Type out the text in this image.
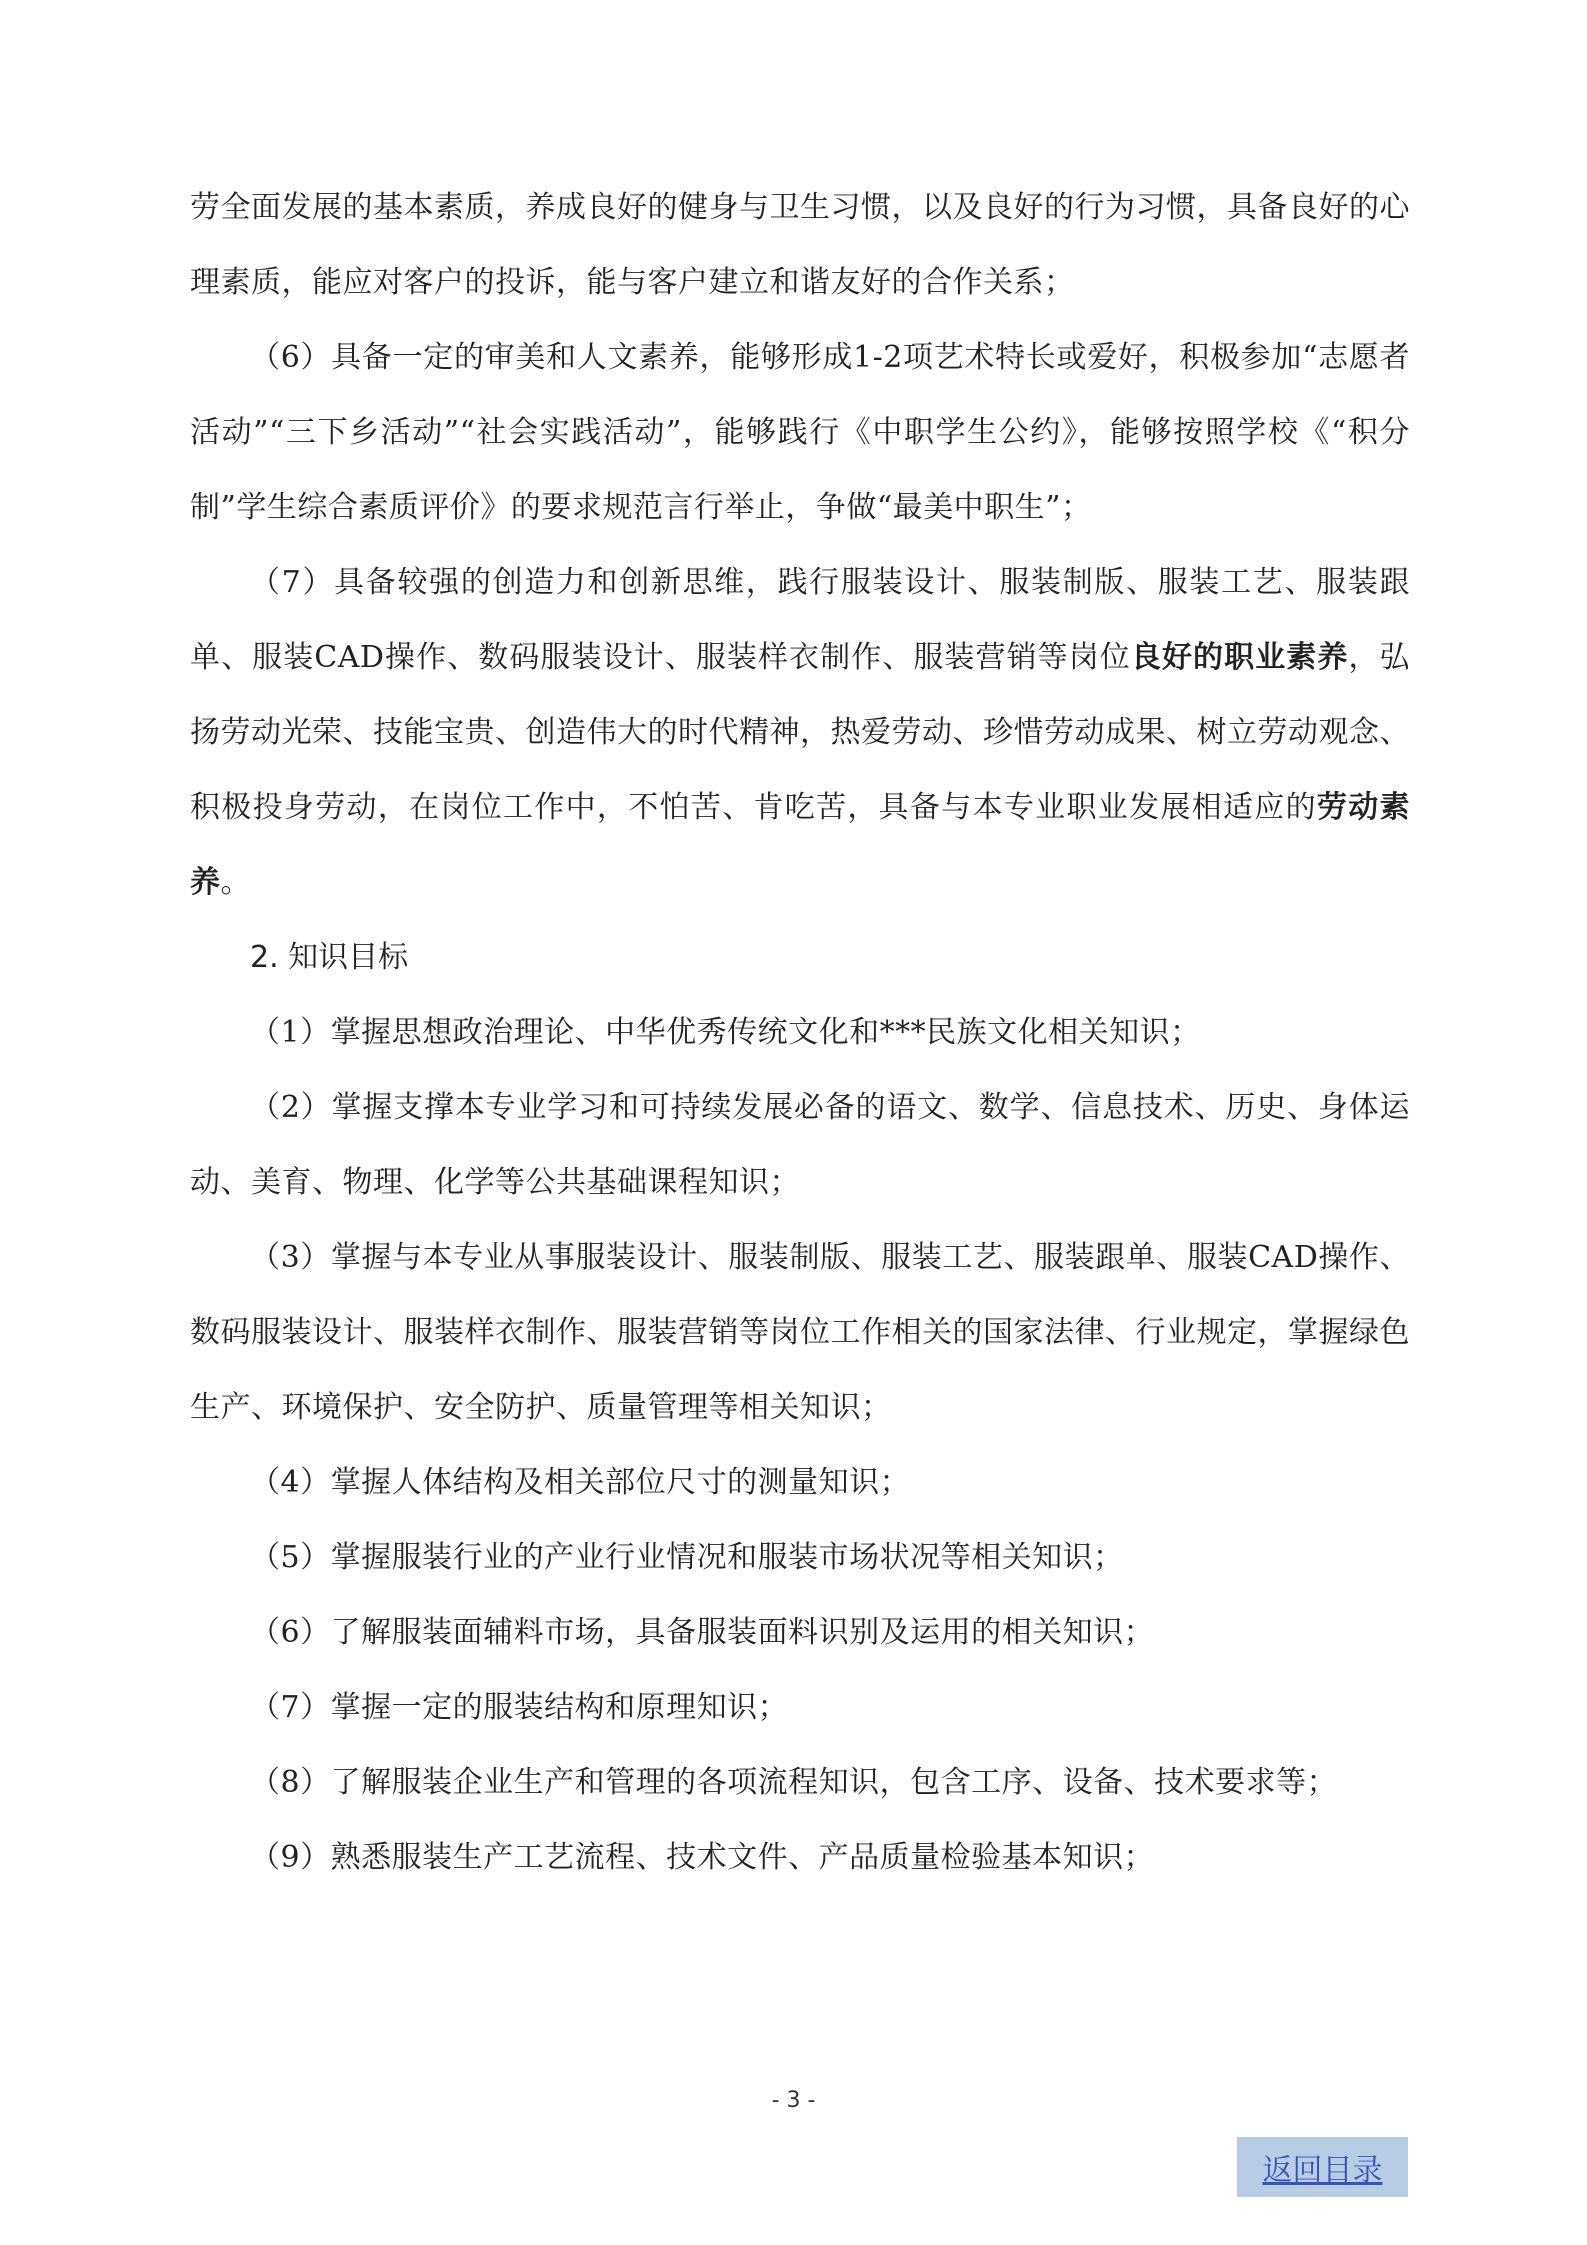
劳全面发展的基本素质，养成良好的健身与卫生习惯，以及良好的行为习惯，具备良好的心理素质，能应对客户的投诉，能与客户建立和谐友好的合作关系；

（6）具备一定的审美和人文素养，能够形成1-2项艺术特长或爱好，积极参加“志愿者活动”“三下乡活动”“社会实践活动”，能够践行《中职学生公约》，能够按照学校《“积分制”学生综合素质评价》的要求规范言行举止，争做“最美中职生”；

（7）具备较强的创造力和创新思维，践行服装设计、服装制版、服装工艺、服装跟单、服装CAD操作、数码服装设计、服装样衣制作、服装营销等岗位良好的职业素养，弘扬劳动光荣、技能宝贵、创造伟大的时代精神，热爱劳动、珍惜劳动成果、树立劳动观念、积极投身劳动，在岗位工作中，不怕苦、肯吃苦，具备与本专业职业发展相适应的劳动素养。

2. 知识目标

（1）掌握思想政治理论、中华优秀传统文化和***民族文化相关知识；

（2）掌握支撑本专业学习和可持续发展必备的语文、数学、信息技术、历史、身体运动、美育、物理、化学等公共基础课程知识；

（3）掌握与本专业从事服装设计、服装制版、服装工艺、服装跟单、服装CAD操作、数码服装设计、服装样衣制作、服装营销等岗位工作相关的国家法律、行业规定，掌握绿色生产、环境保护、安全防护、质量管理等相关知识；

（4）掌握人体结构及相关部位尺寸的测量知识；

（5）掌握服装行业的产业行业情况和服装市场状况等相关知识；

（6）了解服装面辅料市场，具备服装面料识别及运用的相关知识；

（7）掌握一定的服装结构和原理知识；

（8）了解服装企业生产和管理的各项流程知识，包含工序、设备、技术要求等；

（9）熟悉服装生产工艺流程、技术文件、产品质量检验基本知识；

- 3 -
返回目录
